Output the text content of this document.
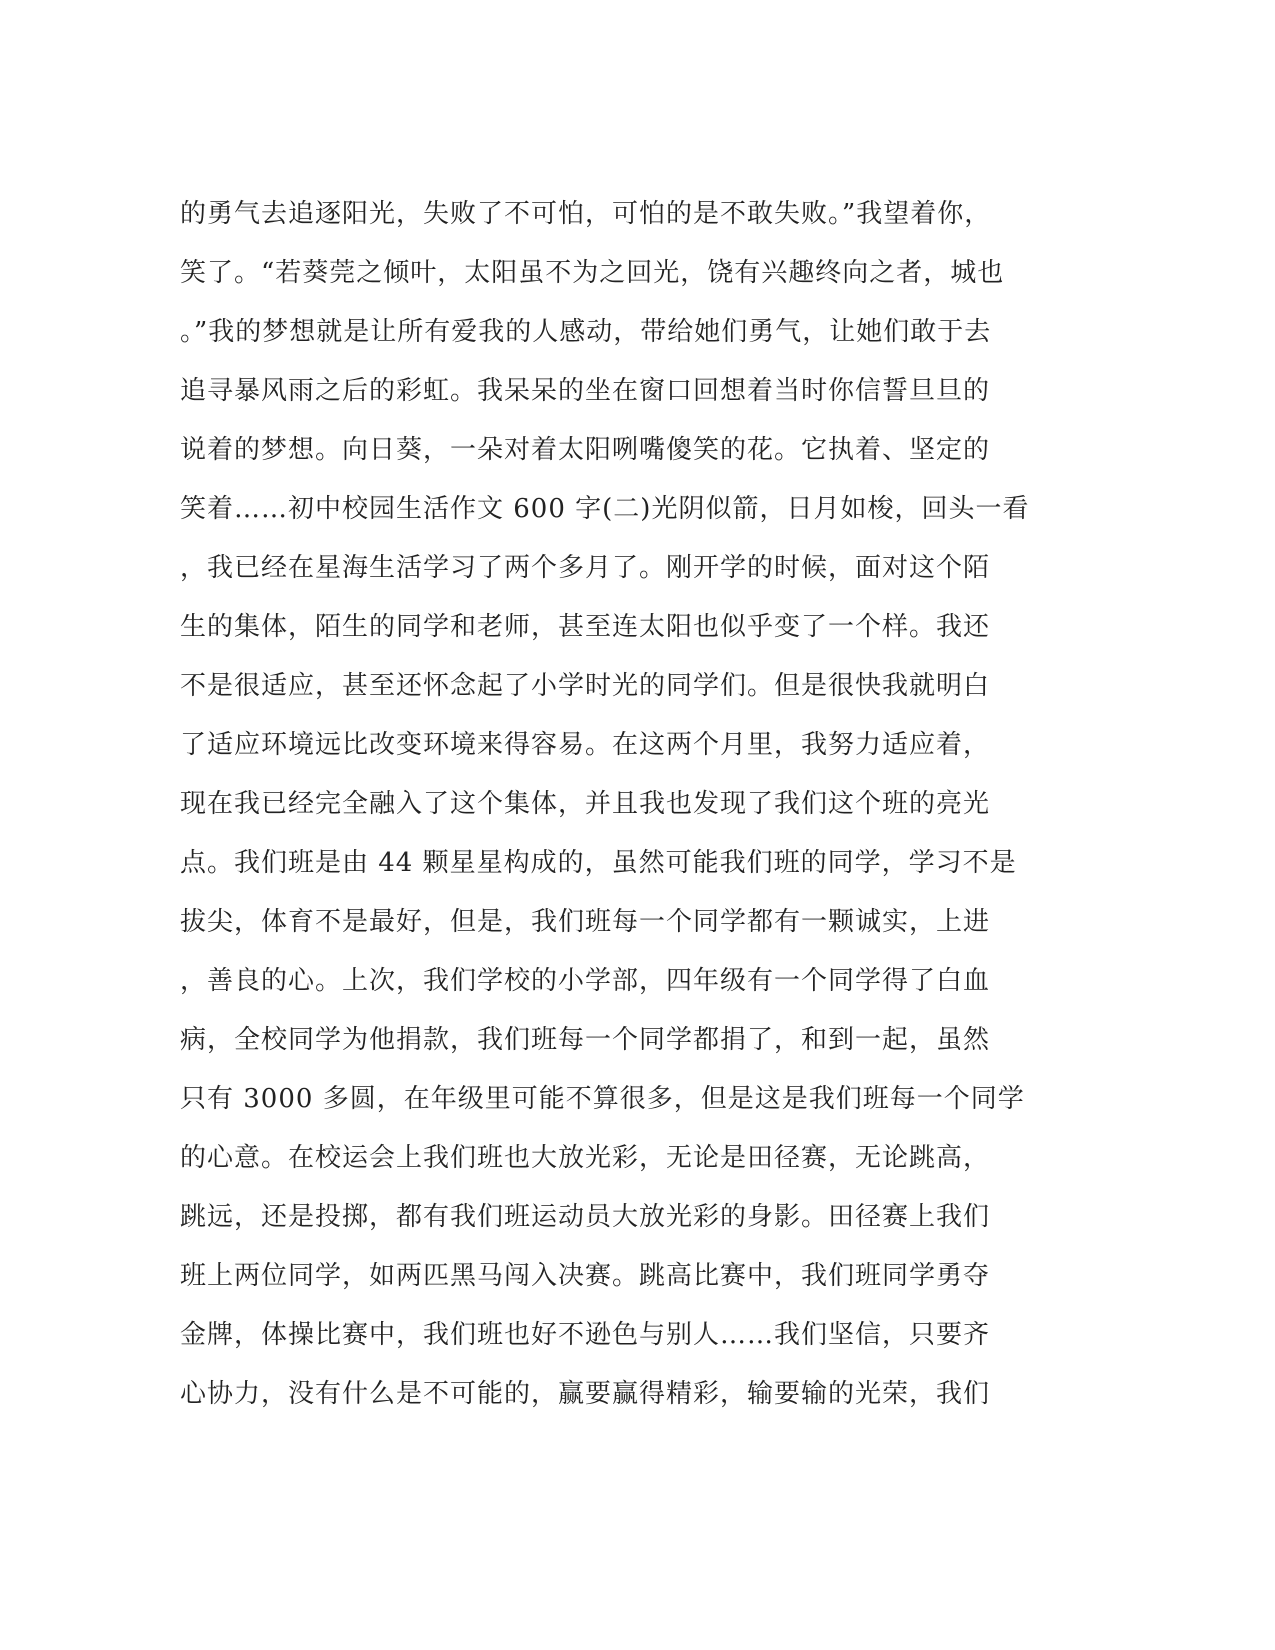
的勇气去追逐阳光，失败了不可怕，可怕的是不敢失败。”我望着你，
笑了。“若葵莞之倾叶，太阳虽不为之回光，饶有兴趣终向之者，城也
。”我的梦想就是让所有爱我的人感动，带给她们勇气，让她们敢于去
追寻暴风雨之后的彩虹。我呆呆的坐在窗口回想着当时你信誓旦旦的
说着的梦想。向日葵，一朵对着太阳咧嘴傻笑的花。它执着、坚定的
笑着……初中校园生活作文 600 字(二)光阴似箭，日月如梭，回头一看
，我已经在星海生活学习了两个多月了。刚开学的时候，面对这个陌
生的集体，陌生的同学和老师，甚至连太阳也似乎变了一个样。我还
不是很适应，甚至还怀念起了小学时光的同学们。但是很快我就明白
了适应环境远比改变环境来得容易。在这两个月里，我努力适应着，
现在我已经完全融入了这个集体，并且我也发现了我们这个班的亮光
点。我们班是由 44 颗星星构成的，虽然可能我们班的同学，学习不是
拔尖，体育不是最好，但是，我们班每一个同学都有一颗诚实，上进
，善良的心。上次，我们学校的小学部，四年级有一个同学得了白血
病，全校同学为他捐款，我们班每一个同学都捐了，和到一起，虽然
只有 3000 多圆，在年级里可能不算很多，但是这是我们班每一个同学
的心意。在校运会上我们班也大放光彩，无论是田径赛，无论跳高，
跳远，还是投掷，都有我们班运动员大放光彩的身影。田径赛上我们
班上两位同学，如两匹黑马闯入决赛。跳高比赛中，我们班同学勇夺
金牌，体操比赛中，我们班也好不逊色与别人……我们坚信，只要齐
心协力，没有什么是不可能的，赢要赢得精彩，输要输的光荣，我们
